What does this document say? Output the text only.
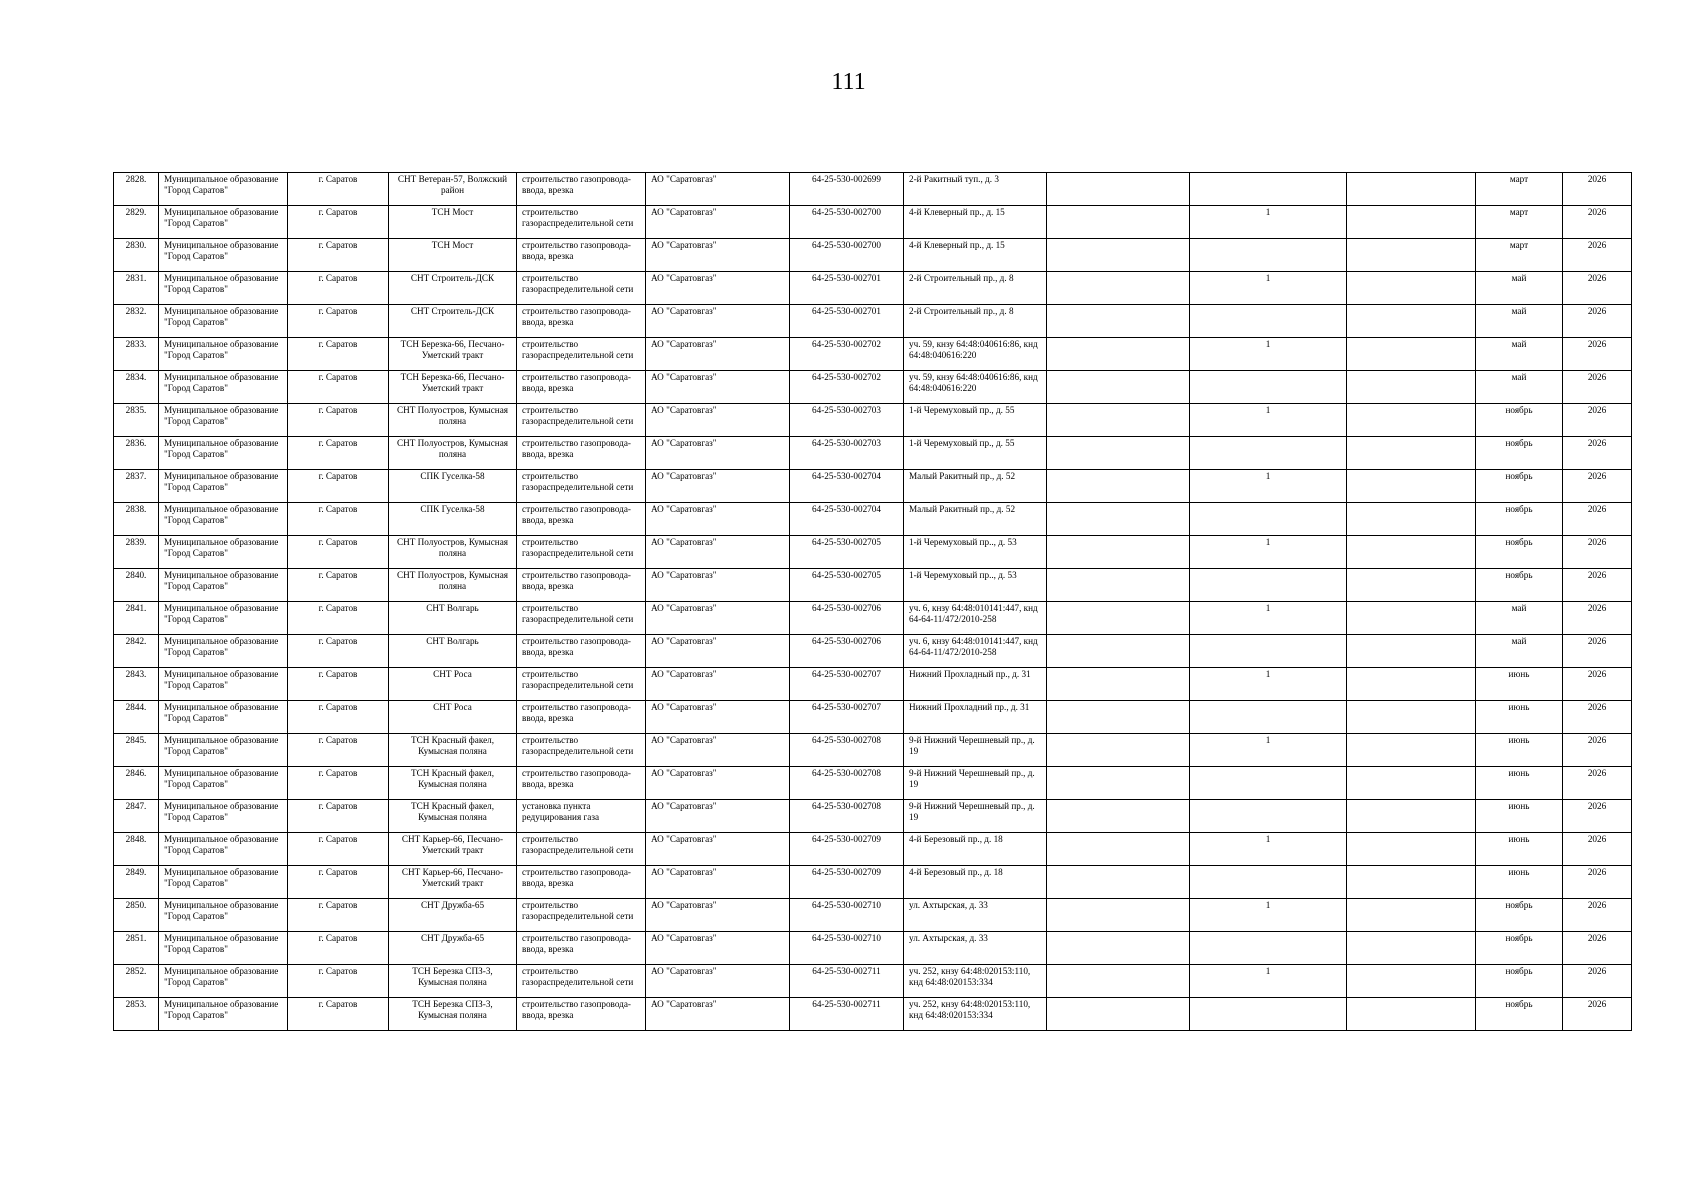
111
2828.	Муниципальное образование "Город Саратов"	г. Саратов	СНТ Ветеран-57, Волжский район	строительство газопровода-ввода, врезка	АО "Саратовгаз"	64-25-530-002699	2-й Ракитный туп., д. 3				март	2026
2829.	Муниципальное образование "Город Саратов"	г. Саратов	ТСН Мост	строительство газораспределительной сети	АО "Саратовгаз"	64-25-530-002700	4-й Клеверный пр., д. 15		1		март	2026
2830.	Муниципальное образование "Город Саратов"	г. Саратов	ТСН Мост	строительство газопровода-ввода, врезка	АО "Саратовгаз"	64-25-530-002700	4-й Клеверный пр., д. 15				март	2026
2831.	Муниципальное образование "Город Саратов"	г. Саратов	СНТ Строитель-ДСК	строительство газораспределительной сети	АО "Саратовгаз"	64-25-530-002701	2-й Строительный пр., д. 8		1		май	2026
2832.	Муниципальное образование "Город Саратов"	г. Саратов	СНТ Строитель-ДСК	строительство газопровода-ввода, врезка	АО "Саратовгаз"	64-25-530-002701	2-й Строительный пр., д. 8				май	2026
2833.	Муниципальное образование "Город Саратов"	г. Саратов	ТСН Березка-66, Песчано-Уметский тракт	строительство газораспределительной сети	АО "Саратовгаз"	64-25-530-002702	уч. 59, кнзу 64:48:040616:86, кнд 64:48:040616:220		1		май	2026
2834.	Муниципальное образование "Город Саратов"	г. Саратов	ТСН Березка-66, Песчано-Уметский тракт	строительство газопровода-ввода, врезка	АО "Саратовгаз"	64-25-530-002702	уч. 59, кнзу 64:48:040616:86, кнд 64:48:040616:220				май	2026
2835.	Муниципальное образование "Город Саратов"	г. Саратов	СНТ Полуостров, Кумысная поляна	строительство газораспределительной сети	АО "Саратовгаз"	64-25-530-002703	1-й Черемуховый пр., д. 55		1		ноябрь	2026
2836.	Муниципальное образование "Город Саратов"	г. Саратов	СНТ Полуостров, Кумысная поляна	строительство газопровода-ввода, врезка	АО "Саратовгаз"	64-25-530-002703	1-й Черемуховый пр., д. 55				ноябрь	2026
2837.	Муниципальное образование "Город Саратов"	г. Саратов	СПК Гуселка-58	строительство газораспределительной сети	АО "Саратовгаз"	64-25-530-002704	Малый Ракитный пр., д. 52		1		ноябрь	2026
2838.	Муниципальное образование "Город Саратов"	г. Саратов	СПК Гуселка-58	строительство газопровода-ввода, врезка	АО "Саратовгаз"	64-25-530-002704	Малый Ракитный пр., д. 52				ноябрь	2026
2839.	Муниципальное образование "Город Саратов"	г. Саратов	СНТ Полуостров, Кумысная поляна	строительство газораспределительной сети	АО "Саратовгаз"	64-25-530-002705	1-й Черемуховый пр.., д. 53		1		ноябрь	2026
2840.	Муниципальное образование "Город Саратов"	г. Саратов	СНТ Полуостров, Кумысная поляна	строительство газопровода-ввода, врезка	АО "Саратовгаз"	64-25-530-002705	1-й Черемуховый пр.., д. 53				ноябрь	2026
2841.	Муниципальное образование "Город Саратов"	г. Саратов	СНТ Волгарь	строительство газораспределительной сети	АО "Саратовгаз"	64-25-530-002706	уч. 6, кнзу 64:48:010141:447, кнд 64-64-11/472/2010-258		1		май	2026
2842.	Муниципальное образование "Город Саратов"	г. Саратов	СНТ Волгарь	строительство газопровода-ввода, врезка	АО "Саратовгаз"	64-25-530-002706	уч. 6, кнзу 64:48:010141:447, кнд 64-64-11/472/2010-258				май	2026
2843.	Муниципальное образование "Город Саратов"	г. Саратов	СНТ Роса	строительство газораспределительной сети	АО "Саратовгаз"	64-25-530-002707	Нижний Прохладный пр., д. 31		1		июнь	2026
2844.	Муниципальное образование "Город Саратов"	г. Саратов	СНТ Роса	строительство газопровода-ввода, врезка	АО "Саратовгаз"	64-25-530-002707	Нижний Прохладний пр., д. 31				июнь	2026
2845.	Муниципальное образование "Город Саратов"	г. Саратов	ТСН Красный факел, Кумысная поляна	строительство газораспределительной сети	АО "Саратовгаз"	64-25-530-002708	9-й Нижний Черешневый пр., д. 19		1		июнь	2026
2846.	Муниципальное образование "Город Саратов"	г. Саратов	ТСН Красный факел, Кумысная поляна	строительство газопровода-ввода, врезка	АО "Саратовгаз"	64-25-530-002708	9-й Нижний Черешневый пр., д. 19				июнь	2026
2847.	Муниципальное образование "Город Саратов"	г. Саратов	ТСН Красный факел, Кумысная поляна	установка пункта редуцирования газа	АО "Саратовгаз"	64-25-530-002708	9-й Нижний Черешневый пр., д. 19				июнь	2026
2848.	Муниципальное образование "Город Саратов"	г. Саратов	СНТ Карьер-66, Песчано-Уметский тракт	строительство газораспределительной сети	АО "Саратовгаз"	64-25-530-002709	4-й Березовый пр., д. 18		1		июнь	2026
2849.	Муниципальное образование "Город Саратов"	г. Саратов	СНТ Карьер-66, Песчано-Уметский тракт	строительство газопровода-ввода, врезка	АО "Саратовгаз"	64-25-530-002709	4-й Березовый пр., д. 18				июнь	2026
2850.	Муниципальное образование "Город Саратов"	г. Саратов	СНТ Дружба-65	строительство газораспределительной сети	АО "Саратовгаз"	64-25-530-002710	ул. Ахтырская, д. 33		1		ноябрь	2026
2851.	Муниципальное образование "Город Саратов"	г. Саратов	СНТ Дружба-65	строительство газопровода-ввода, врезка	АО "Саратовгаз"	64-25-530-002710	ул. Ахтырская, д. 33				ноябрь	2026
2852.	Муниципальное образование "Город Саратов"	г. Саратов	ТСН Березка СПЗ-3, Кумысная поляна	строительство газораспределительной сети	АО "Саратовгаз"	64-25-530-002711	уч. 252, кнзу 64:48:020153:110, кнд 64:48:020153:334		1		ноябрь	2026
2853.	Муниципальное образование "Город Саратов"	г. Саратов	ТСН Березка СПЗ-3, Кумысная поляна	строительство газопровода-ввода, врезка	АО "Саратовгаз"	64-25-530-002711	уч. 252, кнзу 64:48:020153:110, кнд 64:48:020153:334				ноябрь	2026
